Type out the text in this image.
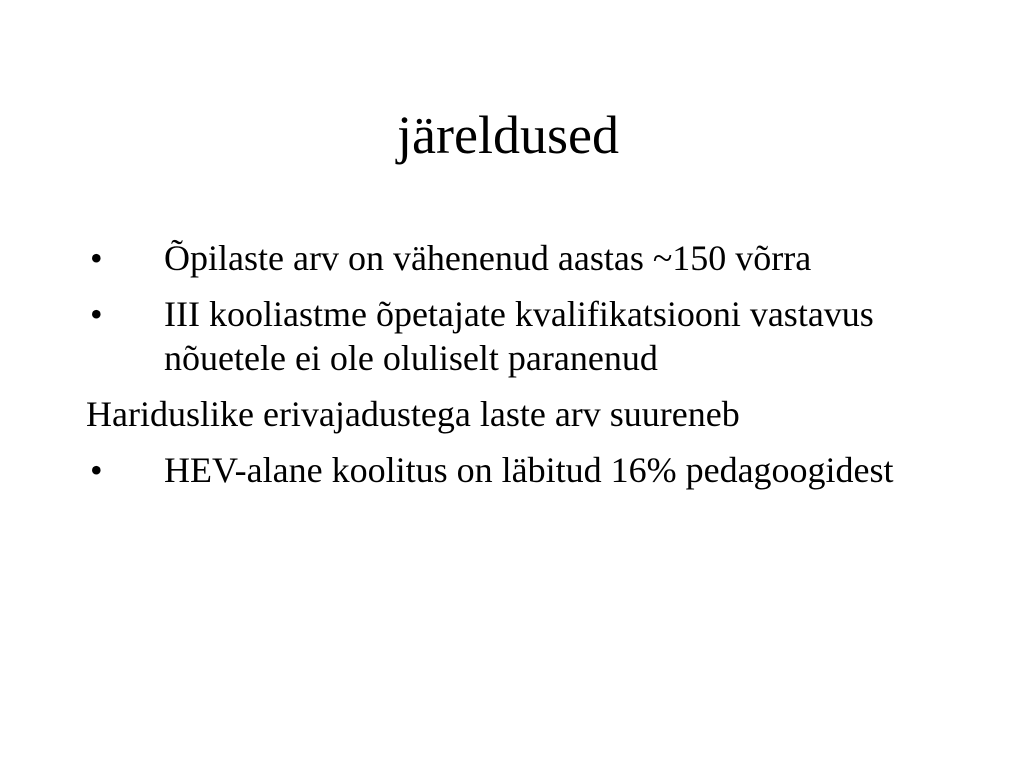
järeldused
• Õpilaste arv on vähenenud aastas ~150 võrra
• III kooliastme õpetajate kvalifikatsiooni vastavus nõuetele ei ole oluliselt paranenud
Hariduslike erivajadustega laste arv suureneb
• HEV-alane koolitus on läbitud 16% pedagoogidest
